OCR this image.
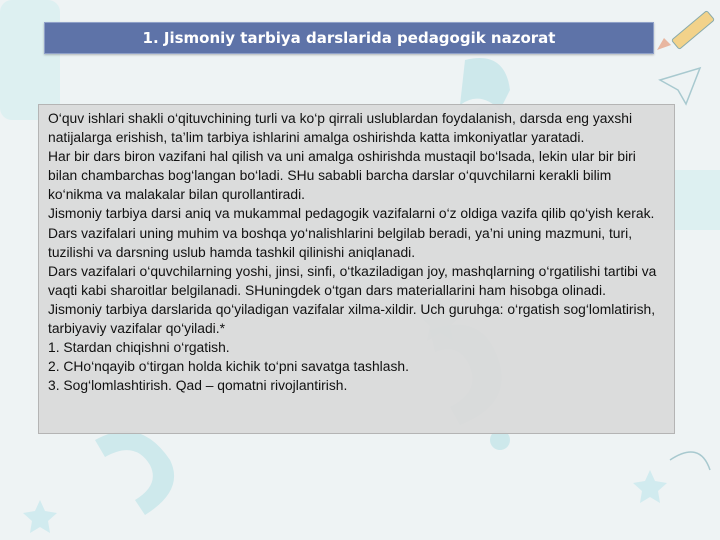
1. Jismoniy tarbiya darslarida pedagogik nazorat

O‘quv ishlari shakli o‘qituvchining turli va ko‘p qirrali uslublardan foydalanish, darsda eng yaxshi natijalarga erishish, ta’lim tarbiya ishlarini amalga oshirishda katta imkoniyatlar yaratadi.

Har bir dars biron vazifani hal qilish va uni amalga oshirishda mustaqil bo‘lsada, lekin ular bir biri bilan chambarchas bog‘langan bo‘ladi. SHu sababli barcha darslar o‘quvchilarni kerakli bilim ko‘nikma va malakalar bilan qurollantiradi.

Jismoniy tarbiya darsi aniq va mukammal pedagogik vazifalarni o‘z oldiga vazifa qilib qo‘yish kerak. Dars vazifalari uning muhim va boshqa yo‘nalishlarini belgilab beradi, ya’ni uning mazmuni, turi, tuzilishi va darsning uslub hamda tashkil qilinishi aniqlanadi.

Dars vazifalari o‘quvchilarning yoshi, jinsi, sinfi, o‘tkaziladigan joy, mashqlarning o‘rgatilishi tartibi va vaqti kabi sharoitlar belgilanadi. SHuningdek o‘tgan dars materiallarini ham hisobga olinadi.

Jismoniy tarbiya darslarida qo‘yiladigan vazifalar xilma-xildir. Uch guruhga: o‘rgatish sog‘lomlatirish, tarbiyaviy vazifalar qo‘yiladi.*

1. Stardan chiqishni o‘rgatish.

2. CHo‘nqayib o‘tirgan holda kichik to‘pni savatga tashlash.

3. Sog‘lomlashtirish. Qad – qomatni rivojlantirish.
